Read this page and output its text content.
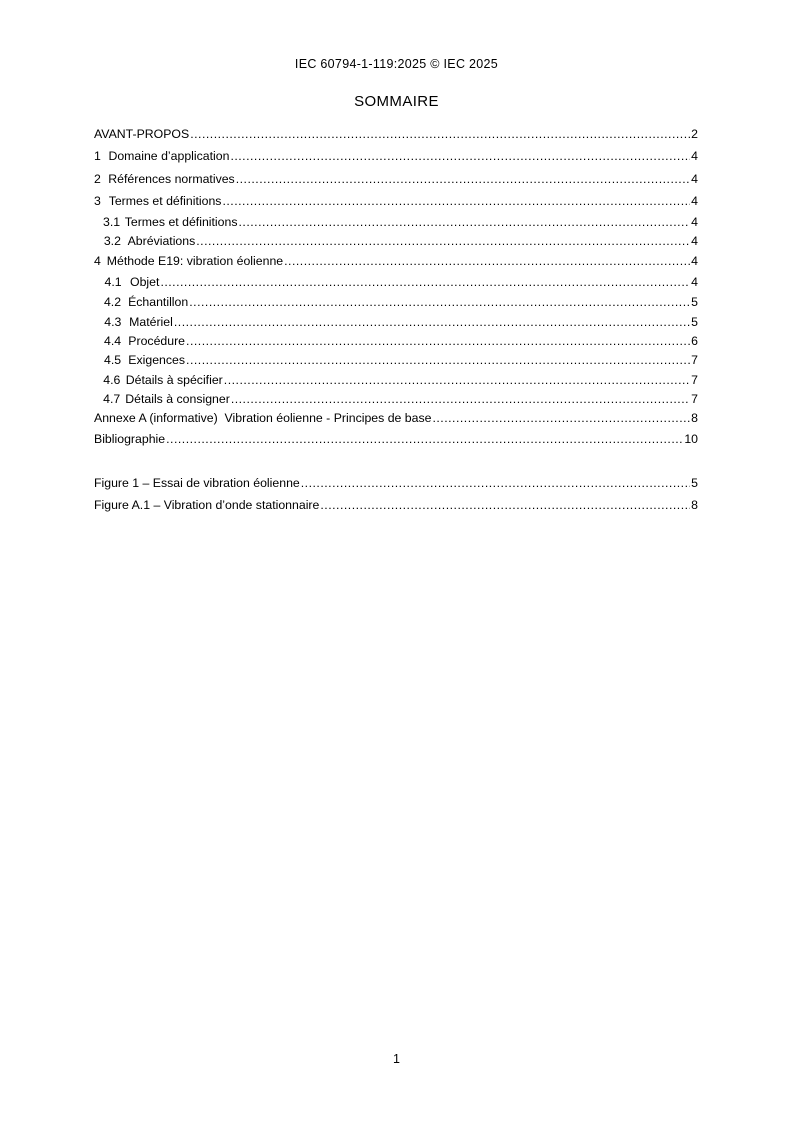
IEC 60794-1-119:2025 © IEC 2025
SOMMAIRE
AVANT-PROPOS .....	2
1 Domaine d’application .....	4
2 Références normatives .....	4
3 Termes et définitions .....	4
3.1 Termes et définitions .....	4
3.2 Abréviations .....	4
4 Méthode E19: vibration éolienne .....	4
4.1 Objet .....	4
4.2 Échantillon .....	5
4.3 Matériel .....	5
4.4 Procédure .....	6
4.5 Exigences .....	7
4.6 Détails à spécifier .....	7
4.7 Détails à consigner .....	7
Annexe A (informative)  Vibration éolienne - Principes de base .....	8
Bibliographie .....	10
Figure 1 – Essai de vibration éolienne .....	5
Figure A.1 – Vibration d’onde stationnaire .....	8
1
